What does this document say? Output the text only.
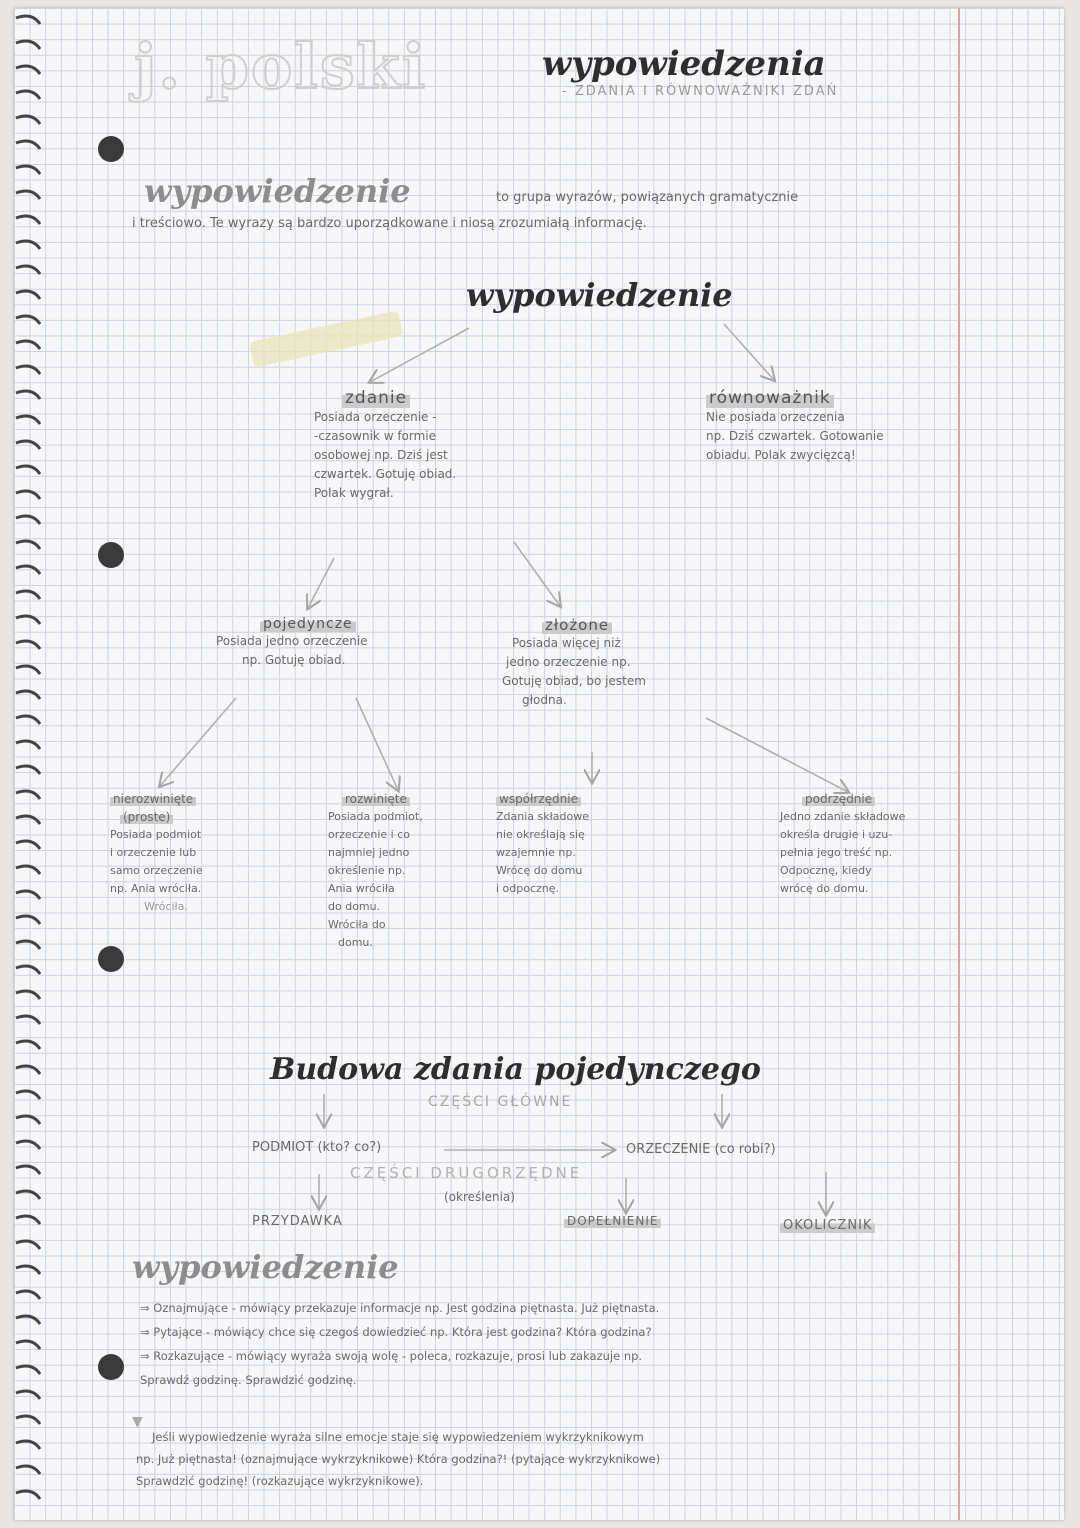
j. polski	wypowiedzenia
- ZDANIA I RÓWNOWAŻNIKI ZDAŃ
wypowiedzenie	to grupa wyrazów, powiązanych gramatycznie
i treściowo. Te wyrazy są bardzo uporządkowane i niosą zrozumiałą informację.
wypowiedzenie
zdanie
Posiada orzeczenie -
-czasownik w formie
osobowej np. Dziś jest
czwartek. Gotuję obiad.
Polak wygrał.
równoważnik
Nie posiada orzeczenia
np. Dziś czwartek. Gotowanie
obiadu. Polak zwycięzcą!
pojedyncze
Posiada jedno orzeczenie
np. Gotuję obiad.
złożone
Posiada więcej niż
jedno orzeczenie np.
Gotuję obiad, bo jestem
głodna.
nierozwinięte
(proste)
Posiada podmiot
i orzeczenie lub
samo orzeczenie
np. Ania wróciła.
Wróciła.
rozwinięte
Posiada podmiot,
orzeczenie i co
najmniej jedno
określenie np.
Ania wróciła
do domu.
Wróciła do
domu.
współrzędnie
Zdania składowe
nie określają się
wzajemnie np.
Wrócę do domu
i odpocznę.
podrzędnie
Jedno zdanie składowe
określa drugie i uzu-
pełnia jego treść np.
Odpocznę, kiedy
wrócę do domu.
Budowa zdania pojedynczego
CZĘŚCI GŁÓWNE
PODMIOT (kto? co?)	ORZECZENIE (co robi?)
CZĘŚCI DRUGORZĘDNE
(określenia)
PRZYDAWKA	DOPEŁNIENIE	OKOLICZNIK
wypowiedzenie
⇒ Oznajmujące - mówiący przekazuje informacje np. Jest godzina piętnasta. Już piętnasta.
⇒ Pytające - mówiący chce się czegoś dowiedzieć np. Która jest godzina? Która godzina?
⇒ Rozkazujące - mówiący wyraża swoją wolę - poleca, rozkazuje, prosi lub zakazuje np.
Sprawdź godzinę. Sprawdzić godzinę.
▼
Jeśli wypowiedzenie wyraża silne emocje staje się wypowiedzeniem wykrzyknikowym
np. Już piętnasta! (oznajmujące wykrzyknikowe) Która godzina?! (pytające wykrzyknikowe)
Sprawdzić godzinę! (rozkazujące wykrzyknikowe).
